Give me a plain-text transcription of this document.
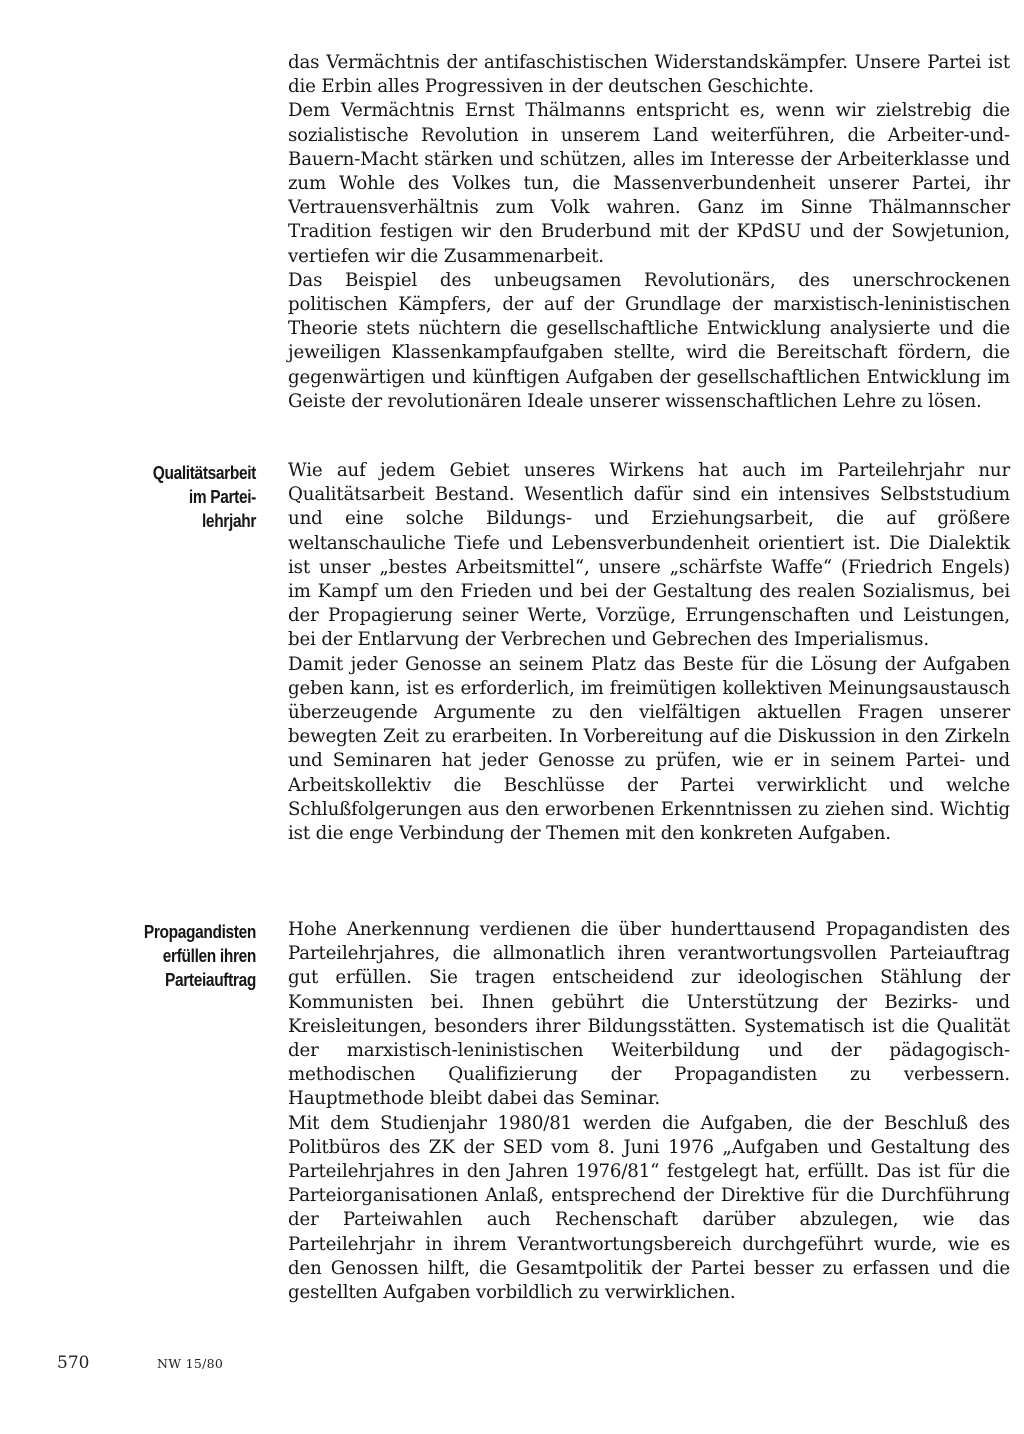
das Vermächtnis der antifaschistischen Widerstandskämpfer. Unsere Partei ist die Erbin alles Progressiven in der deutschen Geschichte.

Dem Vermächtnis Ernst Thälmanns entspricht es, wenn wir zielstrebig die sozialistische Revolution in unserem Land weiterführen, die Arbeiter-und-Bauern-Macht stärken und schützen, alles im Interesse der Arbeiterklasse und zum Wohle des Volkes tun, die Massenverbundenheit unserer Partei, ihr Vertrauensverhältnis zum Volk wahren. Ganz im Sinne Thälmannscher Tradition festigen wir den Bruderbund mit der KPdSU und der Sowjetunion, vertiefen wir die Zusammenarbeit.

Das Beispiel des unbeugsamen Revolutionärs, des unerschrockenen politischen Kämpfers, der auf der Grundlage der marxistisch-leninistischen Theorie stets nüchtern die gesellschaftliche Entwicklung analysierte und die jeweiligen Klassenkampfaufgaben stellte, wird die Bereitschaft fördern, die gegenwärtigen und künftigen Aufgaben der gesellschaftlichen Entwicklung im Geiste der revolutionären Ideale unserer wissenschaftlichen Lehre zu lösen.

Qualitätsarbeit
im Partei-
lehrjahr

Wie auf jedem Gebiet unseres Wirkens hat auch im Parteilehrjahr nur Qualitätsarbeit Bestand. Wesentlich dafür sind ein intensives Selbststudium und eine solche Bildungs- und Erziehungsarbeit, die auf größere weltanschauliche Tiefe und Lebensverbundenheit orientiert ist. Die Dialektik ist unser „bestes Arbeitsmittel“, unsere „schärfste Waffe“ (Friedrich Engels) im Kampf um den Frieden und bei der Gestaltung des realen Sozialismus, bei der Propagierung seiner Werte, Vorzüge, Errungenschaften und Leistungen, bei der Entlarvung der Verbrechen und Gebrechen des Imperialismus.

Damit jeder Genosse an seinem Platz das Beste für die Lösung der Aufgaben geben kann, ist es erforderlich, im freimütigen kollektiven Meinungsaustausch überzeugende Argumente zu den vielfältigen aktuellen Fragen unserer bewegten Zeit zu erarbeiten. In Vorbereitung auf die Diskussion in den Zirkeln und Seminaren hat jeder Genosse zu prüfen, wie er in seinem Partei- und Arbeitskollektiv die Beschlüsse der Partei verwirklicht und welche Schlußfolgerungen aus den erworbenen Erkenntnissen zu ziehen sind. Wichtig ist die enge Verbindung der Themen mit den konkreten Aufgaben.

Propagandisten
erfüllen ihren
Parteiauftrag

Hohe Anerkennung verdienen die über hunderttausend Propagandisten des Parteilehrjahres, die allmonatlich ihren verantwortungsvollen Parteiauftrag gut erfüllen. Sie tragen entscheidend zur ideologischen Stählung der Kommunisten bei. Ihnen gebührt die Unterstützung der Bezirks- und Kreisleitungen, besonders ihrer Bildungsstätten. Systematisch ist die Qualität der marxistisch-leninistischen Weiterbildung und der pädagogisch-methodischen Qualifizierung der Propagandisten zu verbessern. Hauptmethode bleibt dabei das Seminar.

Mit dem Studienjahr 1980/81 werden die Aufgaben, die der Beschluß des Politbüros des ZK der SED vom 8. Juni 1976 „Aufgaben und Gestaltung des Parteilehrjahres in den Jahren 1976/81“ festgelegt hat, erfüllt. Das ist für die Parteiorganisationen Anlaß, entsprechend der Direktive für die Durchführung der Parteiwahlen auch Rechenschaft darüber abzulegen, wie das Parteilehrjahr in ihrem Verantwortungsbereich durchgeführt wurde, wie es den Genossen hilft, die Gesamtpolitik der Partei besser zu erfassen und die gestellten Aufgaben vorbildlich zu verwirklichen.

570	NW 15/80
